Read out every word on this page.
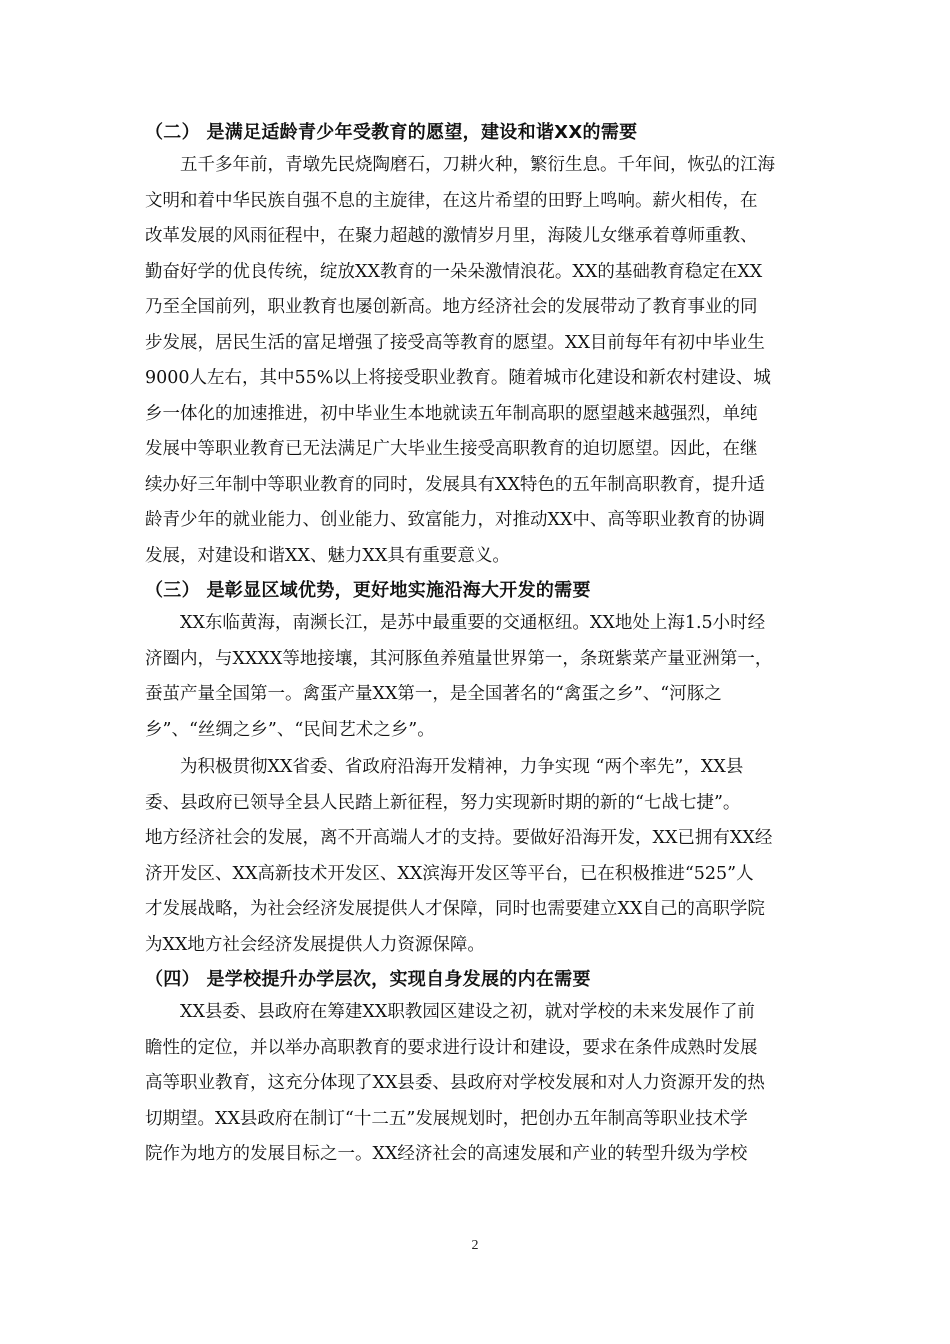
（二） 是满足适龄青少年受教育的愿望，建设和谐XX的需要
五千多年前，青墩先民烧陶磨石，刀耕火种，繁衍生息。千年间，恢弘的江海
文明和着中华民族自强不息的主旋律，在这片希望的田野上鸣响。薪火相传，在
改革发展的风雨征程中，在聚力超越的激情岁月里，海陵儿女继承着尊师重教、
勤奋好学的优良传统，绽放XX教育的一朵朵激情浪花。XX的基础教育稳定在XX
乃至全国前列，职业教育也屡创新高。地方经济社会的发展带动了教育事业的同
步发展，居民生活的富足增强了接受高等教育的愿望。XX目前每年有初中毕业生
9000人左右，其中55%以上将接受职业教育。随着城市化建设和新农村建设、城
乡一体化的加速推进，初中毕业生本地就读五年制高职的愿望越来越强烈，单纯
发展中等职业教育已无法满足广大毕业生接受高职教育的迫切愿望。因此，在继
续办好三年制中等职业教育的同时，发展具有XX特色的五年制高职教育，提升适
龄青少年的就业能力、创业能力、致富能力，对推动XX中、高等职业教育的协调
发展，对建设和谐XX、魅力XX具有重要意义。
（三） 是彰显区域优势，更好地实施沿海大开发的需要
XX东临黄海，南濒长江，是苏中最重要的交通枢纽。XX地处上海1.5小时经
济圈内，与XXXX等地接壤，其河豚鱼养殖量世界第一，条斑紫菜产量亚洲第一，
蚕茧产量全国第一。禽蛋产量XX第一，是全国著名的“禽蛋之乡”、“河豚之
乡”、“丝绸之乡”、“民间艺术之乡”。
为积极贯彻XX省委、省政府沿海开发精神，力争实现 “两个率先”，XX县
委、县政府已领导全县人民踏上新征程，努力实现新时期的新的“七战七捷”。
地方经济社会的发展，离不开高端人才的支持。要做好沿海开发，XX已拥有XX经
济开发区、XX高新技术开发区、XX滨海开发区等平台，已在积极推进“525”人
才发展战略，为社会经济发展提供人才保障，同时也需要建立XX自己的高职学院
为XX地方社会经济发展提供人力资源保障。
（四） 是学校提升办学层次，实现自身发展的内在需要
XX县委、县政府在筹建XX职教园区建设之初，就对学校的未来发展作了前
瞻性的定位，并以举办高职教育的要求进行设计和建设，要求在条件成熟时发展
高等职业教育，这充分体现了XX县委、县政府对学校发展和对人力资源开发的热
切期望。XX县政府在制订“十二五”发展规划时，把创办五年制高等职业技术学
院作为地方的发展目标之一。XX经济社会的高速发展和产业的转型升级为学校
2
